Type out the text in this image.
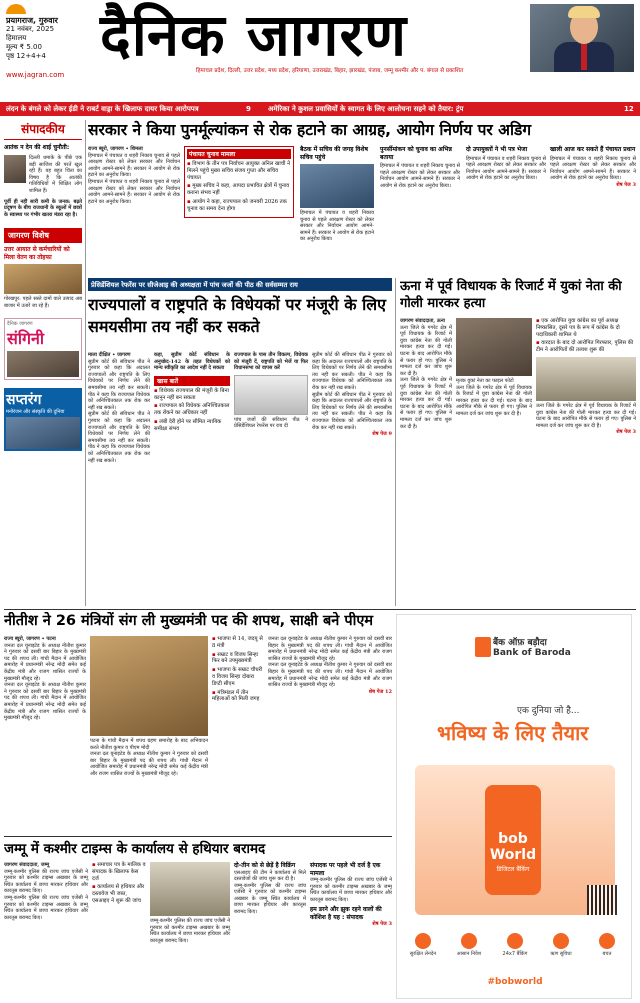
प्रयागराज, गुरुवार
21 नवंबर, 2025
हिमालय
मूल्य ₹ 5.00
पृष्ठ 12+4+4
www.jagran.com
दैनिक जागरण
हिमाचल प्रदेश, दिल्ली, उत्तर प्रदेश, मध्य प्रदेश, हरियाणा, उत्तराखंड, बिहार, झारखंड, पंजाब, जम्मू कश्मीर और प. बंगाल से प्रकाशित
लंदन के बंगले को लेकर ईडी ने राबर्ट वाड्रा के खिलाफ दायर किया आरोपपत्र	9 अमेरिका ने कुशल प्रवासियों के स्वागत के लिए आलोचना सहने को तैयार: ट्रंप	12
संपादकीय
आतंक न देन की शाई चुनौती:
दिल्ली धमाके के पीछे एक बड़ी साजिश की परतें खुल रही हैं। यह बहुत चिंता का विषय है कि आतंकी गतिविधियों में शिक्षित लोग शामिल हैं।
पूर्वी ही नहीं सारी कमी के जनक: बढ़ते प्रदूषण के बीच राजधानी के स्कूलों में छात्रों के स्वास्थ्य पर गंभीर खतरा मंडरा रहा है।
जागरण विशेष
उत्तर आयात से कर्मचारियों को मिला वेतन का तोहफा
गोरखपुर: पहले सस्ते दामों वाले उत्पाद अब बाजार में उतारे जा रहे हैं।
दैनिक जागरण
संगिनी
सप्तरंग
मनोरंजन और संस्कृति की दुनिया
सरकार ने किया पुनर्मूल्यांकन से रोक हटाने का आग्रह, आयोग निर्णय पर अडिग
राज्य ब्यूरो, जागरण • शिमला
हिमाचल में पंचायत व शहरी निकाय चुनाव से पहले आरक्षण रोस्टर को लेकर सरकार और निर्वाचन आयोग आमने-सामने हैं। सरकार ने आयोग से रोक हटाने का अनुरोध किया।
हिमाचल में पंचायत व शहरी निकाय चुनाव से पहले आरक्षण रोस्टर को लेकर सरकार और निर्वाचन आयोग आमने-सामने हैं। सरकार ने आयोग से रोक हटाने का अनुरोध किया।
पंचायत चुनाव मामला
▪ विभाग के तीन पत्र निर्वाचन आयुक्त अनिल खाची ने मिलने पहुंचे मुख्य सचिव संजय गुप्ता और सचिव पंचायत
▪ मुख्य सचिव ने कहा, आपदा प्रभावित क्षेत्रों में चुनाव कराना संभव नहीं
▪ आयोग ने कहा, राज्यपाल को जनवरी 2026 तक चुनाव का समय देना होगा
बैठक में सचिव की जगह विशेष सचिव पहुंचे
हिमाचल में पंचायत व शहरी निकाय चुनाव से पहले आरक्षण रोस्टर को लेकर सरकार और निर्वाचन आयोग आमने-सामने हैं। सरकार ने आयोग से रोक हटाने का अनुरोध किया।
पुनर्सीमांकन को चुनाव का अभिन्न बताया
हिमाचल में पंचायत व शहरी निकाय चुनाव से पहले आरक्षण रोस्टर को लेकर सरकार और निर्वाचन आयोग आमने-सामने हैं। सरकार ने आयोग से रोक हटाने का अनुरोध किया।
दो उपायुक्तों ने भी पत्र भेजा
हिमाचल में पंचायत व शहरी निकाय चुनाव से पहले आरक्षण रोस्टर को लेकर सरकार और निर्वाचन आयोग आमने-सामने हैं। सरकार ने आयोग से रोक हटाने का अनुरोध किया।
खाली आज कर सकते हैं पंचायत प्रधान
हिमाचल में पंचायत व शहरी निकाय चुनाव से पहले आरक्षण रोस्टर को लेकर सरकार और निर्वाचन आयोग आमने-सामने हैं। सरकार ने आयोग से रोक हटाने का अनुरोध किया।
शेष पेज 3
प्रेसिडेंशियल रेफरेंस पर सीजेआइ की अध्यक्षता में पांच जजों की पीठ की सर्वसम्मत राय
राज्यपालों व राष्ट्रपति के विधेयकों पर मंजूरी के लिए समयसीमा तय नहीं कर सकते
माला दीक्षित • जागरण
सुप्रीम कोर्ट की संविधान पीठ ने गुरुवार को कहा कि अदालत राज्यपालों और राष्ट्रपति के लिए विधेयकों पर निर्णय लेने की समयसीमा तय नहीं कर सकती। पीठ ने कहा कि राज्यपाल विधेयक को अनिश्चितकाल तक रोक कर नहीं रख सकते।
सुप्रीम कोर्ट की संविधान पीठ ने गुरुवार को कहा कि अदालत राज्यपालों और राष्ट्रपति के लिए विधेयकों पर निर्णय लेने की समयसीमा तय नहीं कर सकती। पीठ ने कहा कि राज्यपाल विधेयक को अनिश्चितकाल तक रोक कर नहीं रख सकते।
कहा, सुप्रीम कोर्ट संविधान के अनुच्छेद-142 के तहत विधेयकों को मान्य स्वीकृति का आदेश नहीं दे सकता
खास बातें
▪ विधेयक राज्यपाल की मंजूरी के बिना कानून नहीं बन सकता
▪ राज्यपाल को विधेयक अनिश्चितकाल तक रोकने का अधिकार नहीं
▪ लंबी देरी होने पर सीमित न्यायिक समीक्षा संभव
राज्यपाल के पास तीन विकल्प, विधेयक को मंजूरी दें, राष्ट्रपति को भेजें या फिर विधानसभा को वापस करें
पांच जजों की संविधान पीठ ने प्रेसिडेंशियल रेफरेंस पर राय दी
सुप्रीम कोर्ट की संविधान पीठ ने गुरुवार को कहा कि अदालत राज्यपालों और राष्ट्रपति के लिए विधेयकों पर निर्णय लेने की समयसीमा तय नहीं कर सकती। पीठ ने कहा कि राज्यपाल विधेयक को अनिश्चितकाल तक रोक कर नहीं रख सकते।
सुप्रीम कोर्ट की संविधान पीठ ने गुरुवार को कहा कि अदालत राज्यपालों और राष्ट्रपति के लिए विधेयकों पर निर्णय लेने की समयसीमा तय नहीं कर सकती। पीठ ने कहा कि राज्यपाल विधेयक को अनिश्चितकाल तक रोक कर नहीं रख सकते।
शेष पेज 9
ऊना में पूर्व विधायक के रिजार्ट में युकां नेता की गोली मारकर हत्या
जागरण संवाददाता, ऊना
ऊना जिले के गगरेट क्षेत्र में पूर्व विधायक के रिजार्ट में युवा कांग्रेस नेता की गोली मारकर हत्या कर दी गई। घटना के बाद आरोपित मौके से फरार हो गए। पुलिस ने मामला दर्ज कर जांच शुरू कर दी है।
ऊना जिले के गगरेट क्षेत्र में पूर्व विधायक के रिजार्ट में युवा कांग्रेस नेता की गोली मारकर हत्या कर दी गई। घटना के बाद आरोपित मौके से फरार हो गए। पुलिस ने मामला दर्ज कर जांच शुरू कर दी है।
मृतक युकां नेता का फाइल फोटो
ऊना जिले के गगरेट क्षेत्र में पूर्व विधायक के रिजार्ट में युवा कांग्रेस नेता की गोली मारकर हत्या कर दी गई। घटना के बाद आरोपित मौके से फरार हो गए। पुलिस ने मामला दर्ज कर जांच शुरू कर दी है।
▪ एक आरोपित युवा कांग्रेस का पूर्व अध्यक्ष निष्कासित, दूसरे पत्र के रूप में कांग्रेस के दो पदाधिकारी शामिल थे
▪ वारदात के बाद दो आरोपित गिरफ्तार, पुलिस की टीम ने आरोपितों की तलाश शुरू की
ऊना जिले के गगरेट क्षेत्र में पूर्व विधायक के रिजार्ट में युवा कांग्रेस नेता की गोली मारकर हत्या कर दी गई। घटना के बाद आरोपित मौके से फरार हो गए। पुलिस ने मामला दर्ज कर जांच शुरू कर दी है।
शेष पेज 3
नीतीश ने 26 मंत्रियों संग ली मुख्यमंत्री पद की शपथ, साक्षी बने पीएम
राज्य ब्यूरो, जागरण • पटना
जनता दल यूनाइटेड के अध्यक्ष नीतीश कुमार ने गुरुवार को दसवीं बार बिहार के मुख्यमंत्री पद की शपथ ली। गांधी मैदान में आयोजित समारोह में प्रधानमंत्री नरेन्द्र मोदी समेत कई केंद्रीय मंत्री और राजग शासित राज्यों के मुख्यमंत्री मौजूद रहे।
जनता दल यूनाइटेड के अध्यक्ष नीतीश कुमार ने गुरुवार को दसवीं बार बिहार के मुख्यमंत्री पद की शपथ ली। गांधी मैदान में आयोजित समारोह में प्रधानमंत्री नरेन्द्र मोदी समेत कई केंद्रीय मंत्री और राजग शासित राज्यों के मुख्यमंत्री मौजूद रहे।
पटना के गांधी मैदान में शपथ ग्रहण समारोह के बाद अभिवादन करते नीतीश कुमार व पीएम मोदी
जनता दल यूनाइटेड के अध्यक्ष नीतीश कुमार ने गुरुवार को दसवीं बार बिहार के मुख्यमंत्री पद की शपथ ली। गांधी मैदान में आयोजित समारोह में प्रधानमंत्री नरेन्द्र मोदी समेत कई केंद्रीय मंत्री और राजग शासित राज्यों के मुख्यमंत्री मौजूद रहे।
▪ भाजपा से 14, जदयू से 8 मंत्री
▪ सम्राट व विजय सिन्हा फिर बने उपमुख्यमंत्री
▪ भाजपा के सम्राट चौधरी व विजय सिन्हा दोबारा डिप्टी सीएम
▪ मंत्रिमंडल में तीन महिलाओं को मिली जगह
जनता दल यूनाइटेड के अध्यक्ष नीतीश कुमार ने गुरुवार को दसवीं बार बिहार के मुख्यमंत्री पद की शपथ ली। गांधी मैदान में आयोजित समारोह में प्रधानमंत्री नरेन्द्र मोदी समेत कई केंद्रीय मंत्री और राजग शासित राज्यों के मुख्यमंत्री मौजूद रहे।
जनता दल यूनाइटेड के अध्यक्ष नीतीश कुमार ने गुरुवार को दसवीं बार बिहार के मुख्यमंत्री पद की शपथ ली। गांधी मैदान में आयोजित समारोह में प्रधानमंत्री नरेन्द्र मोदी समेत कई केंद्रीय मंत्री और राजग शासित राज्यों के मुख्यमंत्री मौजूद रहे।
शेष पेज 12
जम्मू में कश्मीर टाइम्स के कार्यालय से हथियार बरामद
जागरण संवाददाता, जम्मू
जम्मू-कश्मीर पुलिस की राज्य जांच एजेंसी ने गुरुवार को कश्मीर टाइम्स अखबार के जम्मू स्थित कार्यालय में छापा मारकर हथियार और कारतूस बरामद किए।
जम्मू-कश्मीर पुलिस की राज्य जांच एजेंसी ने गुरुवार को कश्मीर टाइम्स अखबार के जम्मू स्थित कार्यालय में छापा मारकर हथियार और कारतूस बरामद किए।
▪ समाचार पत्र के मालिक व संपादक के खिलाफ केस दर्ज
▪ कार्यालय से हथियार और दस्तावेज भी जब्त, एसआइए ने शुरू की जांच
जम्मू-कश्मीर पुलिस की राज्य जांच एजेंसी ने गुरुवार को कश्मीर टाइम्स अखबार के जम्मू स्थित कार्यालय में छापा मारकर हथियार और कारतूस बरामद किए।
दो-तीन को से छेड़ें है विक्रिंग
एसआइए की टीम ने कार्यालय से मिले दस्तावेजों की जांच शुरू कर दी है।
जम्मू-कश्मीर पुलिस की राज्य जांच एजेंसी ने गुरुवार को कश्मीर टाइम्स अखबार के जम्मू स्थित कार्यालय में छापा मारकर हथियार और कारतूस बरामद किए।
संपादक पर पहले भी दर्ज है एक मामला
जम्मू-कश्मीर पुलिस की राज्य जांच एजेंसी ने गुरुवार को कश्मीर टाइम्स अखबार के जम्मू स्थित कार्यालय में छापा मारकर हथियार और कारतूस बरामद किए।
हम डरने और झुक रहने वालों की कोशिश है यह : संपादक
शेष पेज 3
बैंक ऑफ़ बड़ौदा
Bank of Baroda
एक दुनिया जो है...
भविष्य के लिए तैयार
bob World
डिजिटल बैंकिंग
सुरक्षित लेनदेन	आसान निवेश	24x7 बैंकिंग	ऋण सुविधा	बचत
#bobworld
